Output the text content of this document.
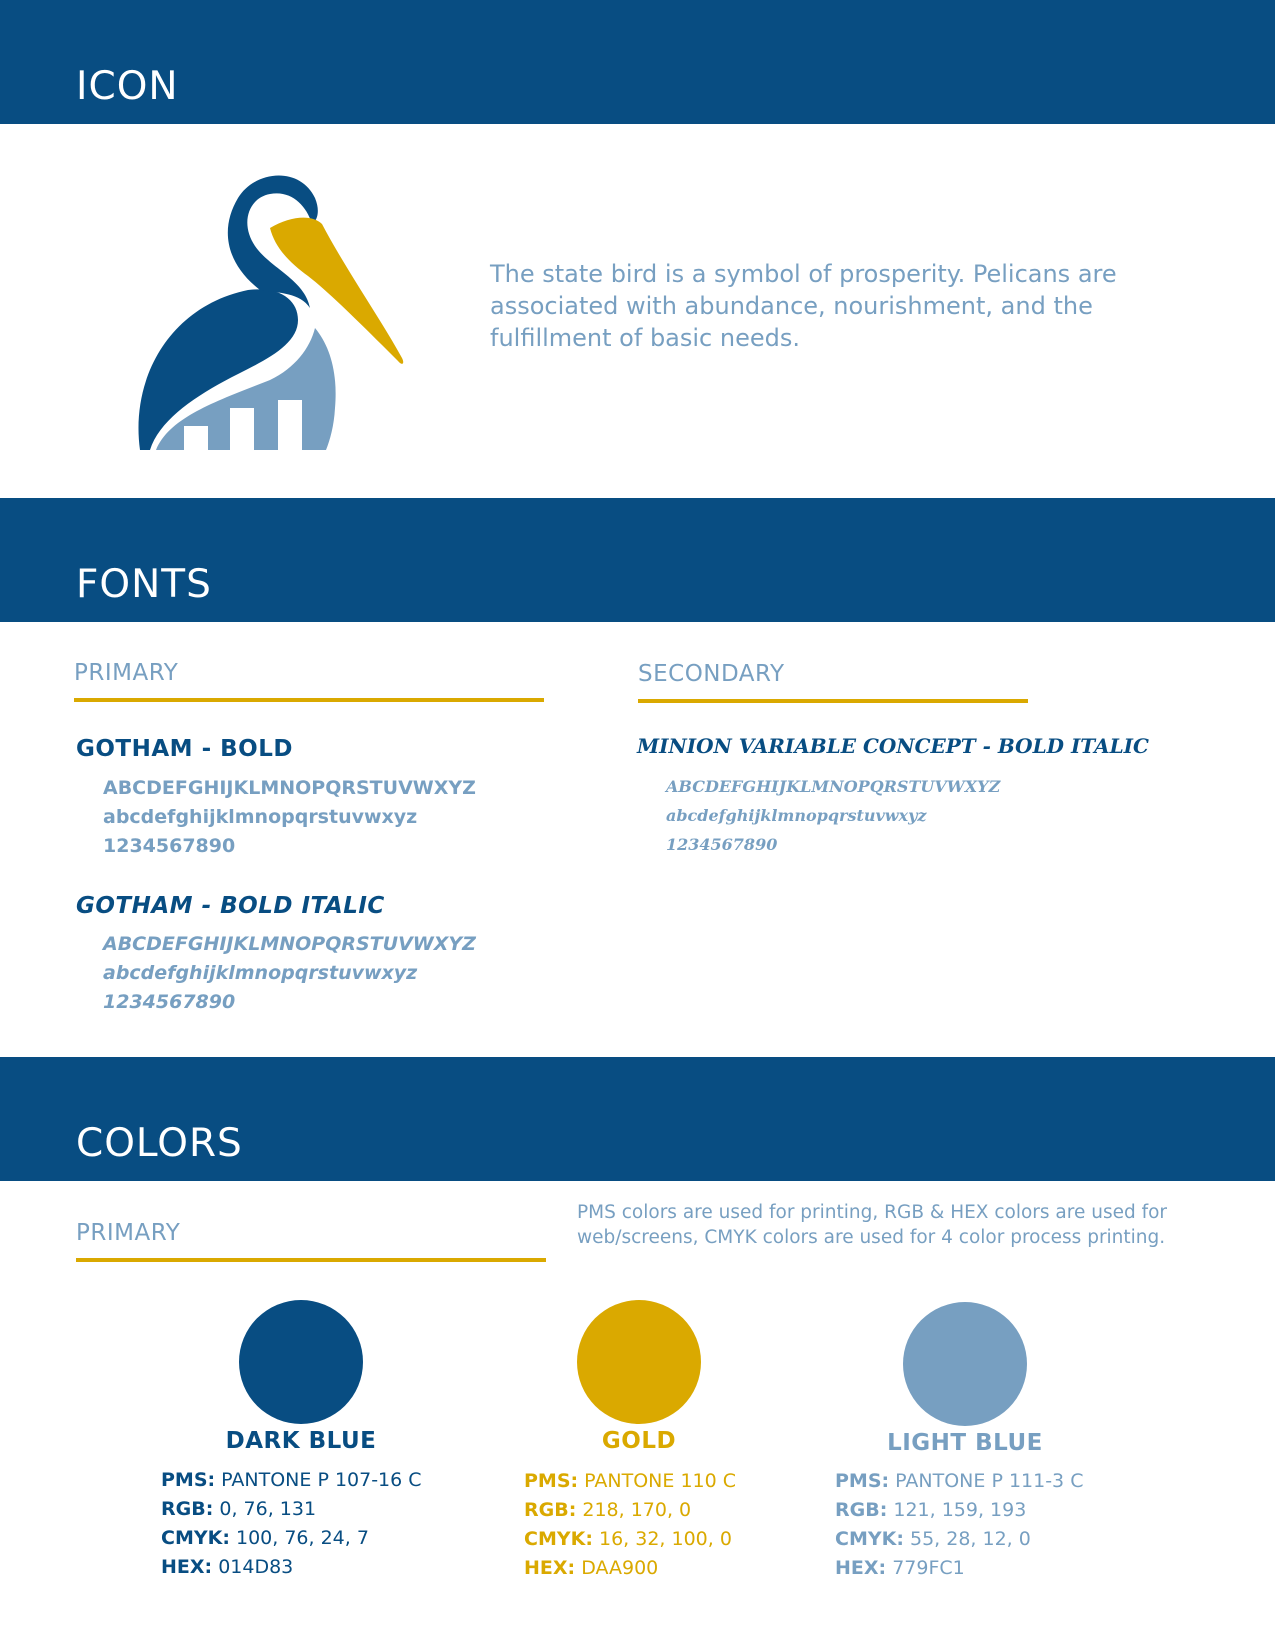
ICON

The state bird is a symbol of prosperity. Pelicans are associated with abundance, nourishment, and the fulfillment of basic needs.

FONTS
PRIMARY	SECONDARY
GOTHAM - BOLD
ABCDEFGHIJKLMNOPQRSTUVWXYZ
abcdefghijklmnopqrstuvwxyz
1234567890
GOTHAM - BOLD ITALIC
ABCDEFGHIJKLMNOPQRSTUVWXYZ
abcdefghijklmnopqrstuvwxyz
1234567890
MINION VARIABLE CONCEPT - BOLD ITALIC
ABCDEFGHIJKLMNOPQRSTUVWXYZ
abcdefghijklmnopqrstuvwxyz
1234567890
COLORS
PRIMARY

PMS colors are used for printing, RGB & HEX colors are used for web/screens, CMYK colors are used for 4 color process printing.

DARK BLUE
PMS: PANTONE P 107-16 C
RGB: 0, 76, 131
CMYK: 100, 76, 24, 7
HEX: 014D83
GOLD
PMS: PANTONE 110 C
RGB: 218, 170, 0
CMYK: 16, 32, 100, 0
HEX: DAA900
LIGHT BLUE
PMS: PANTONE P 111-3 C
RGB: 121, 159, 193
CMYK: 55, 28, 12, 0
HEX: 779FC1
